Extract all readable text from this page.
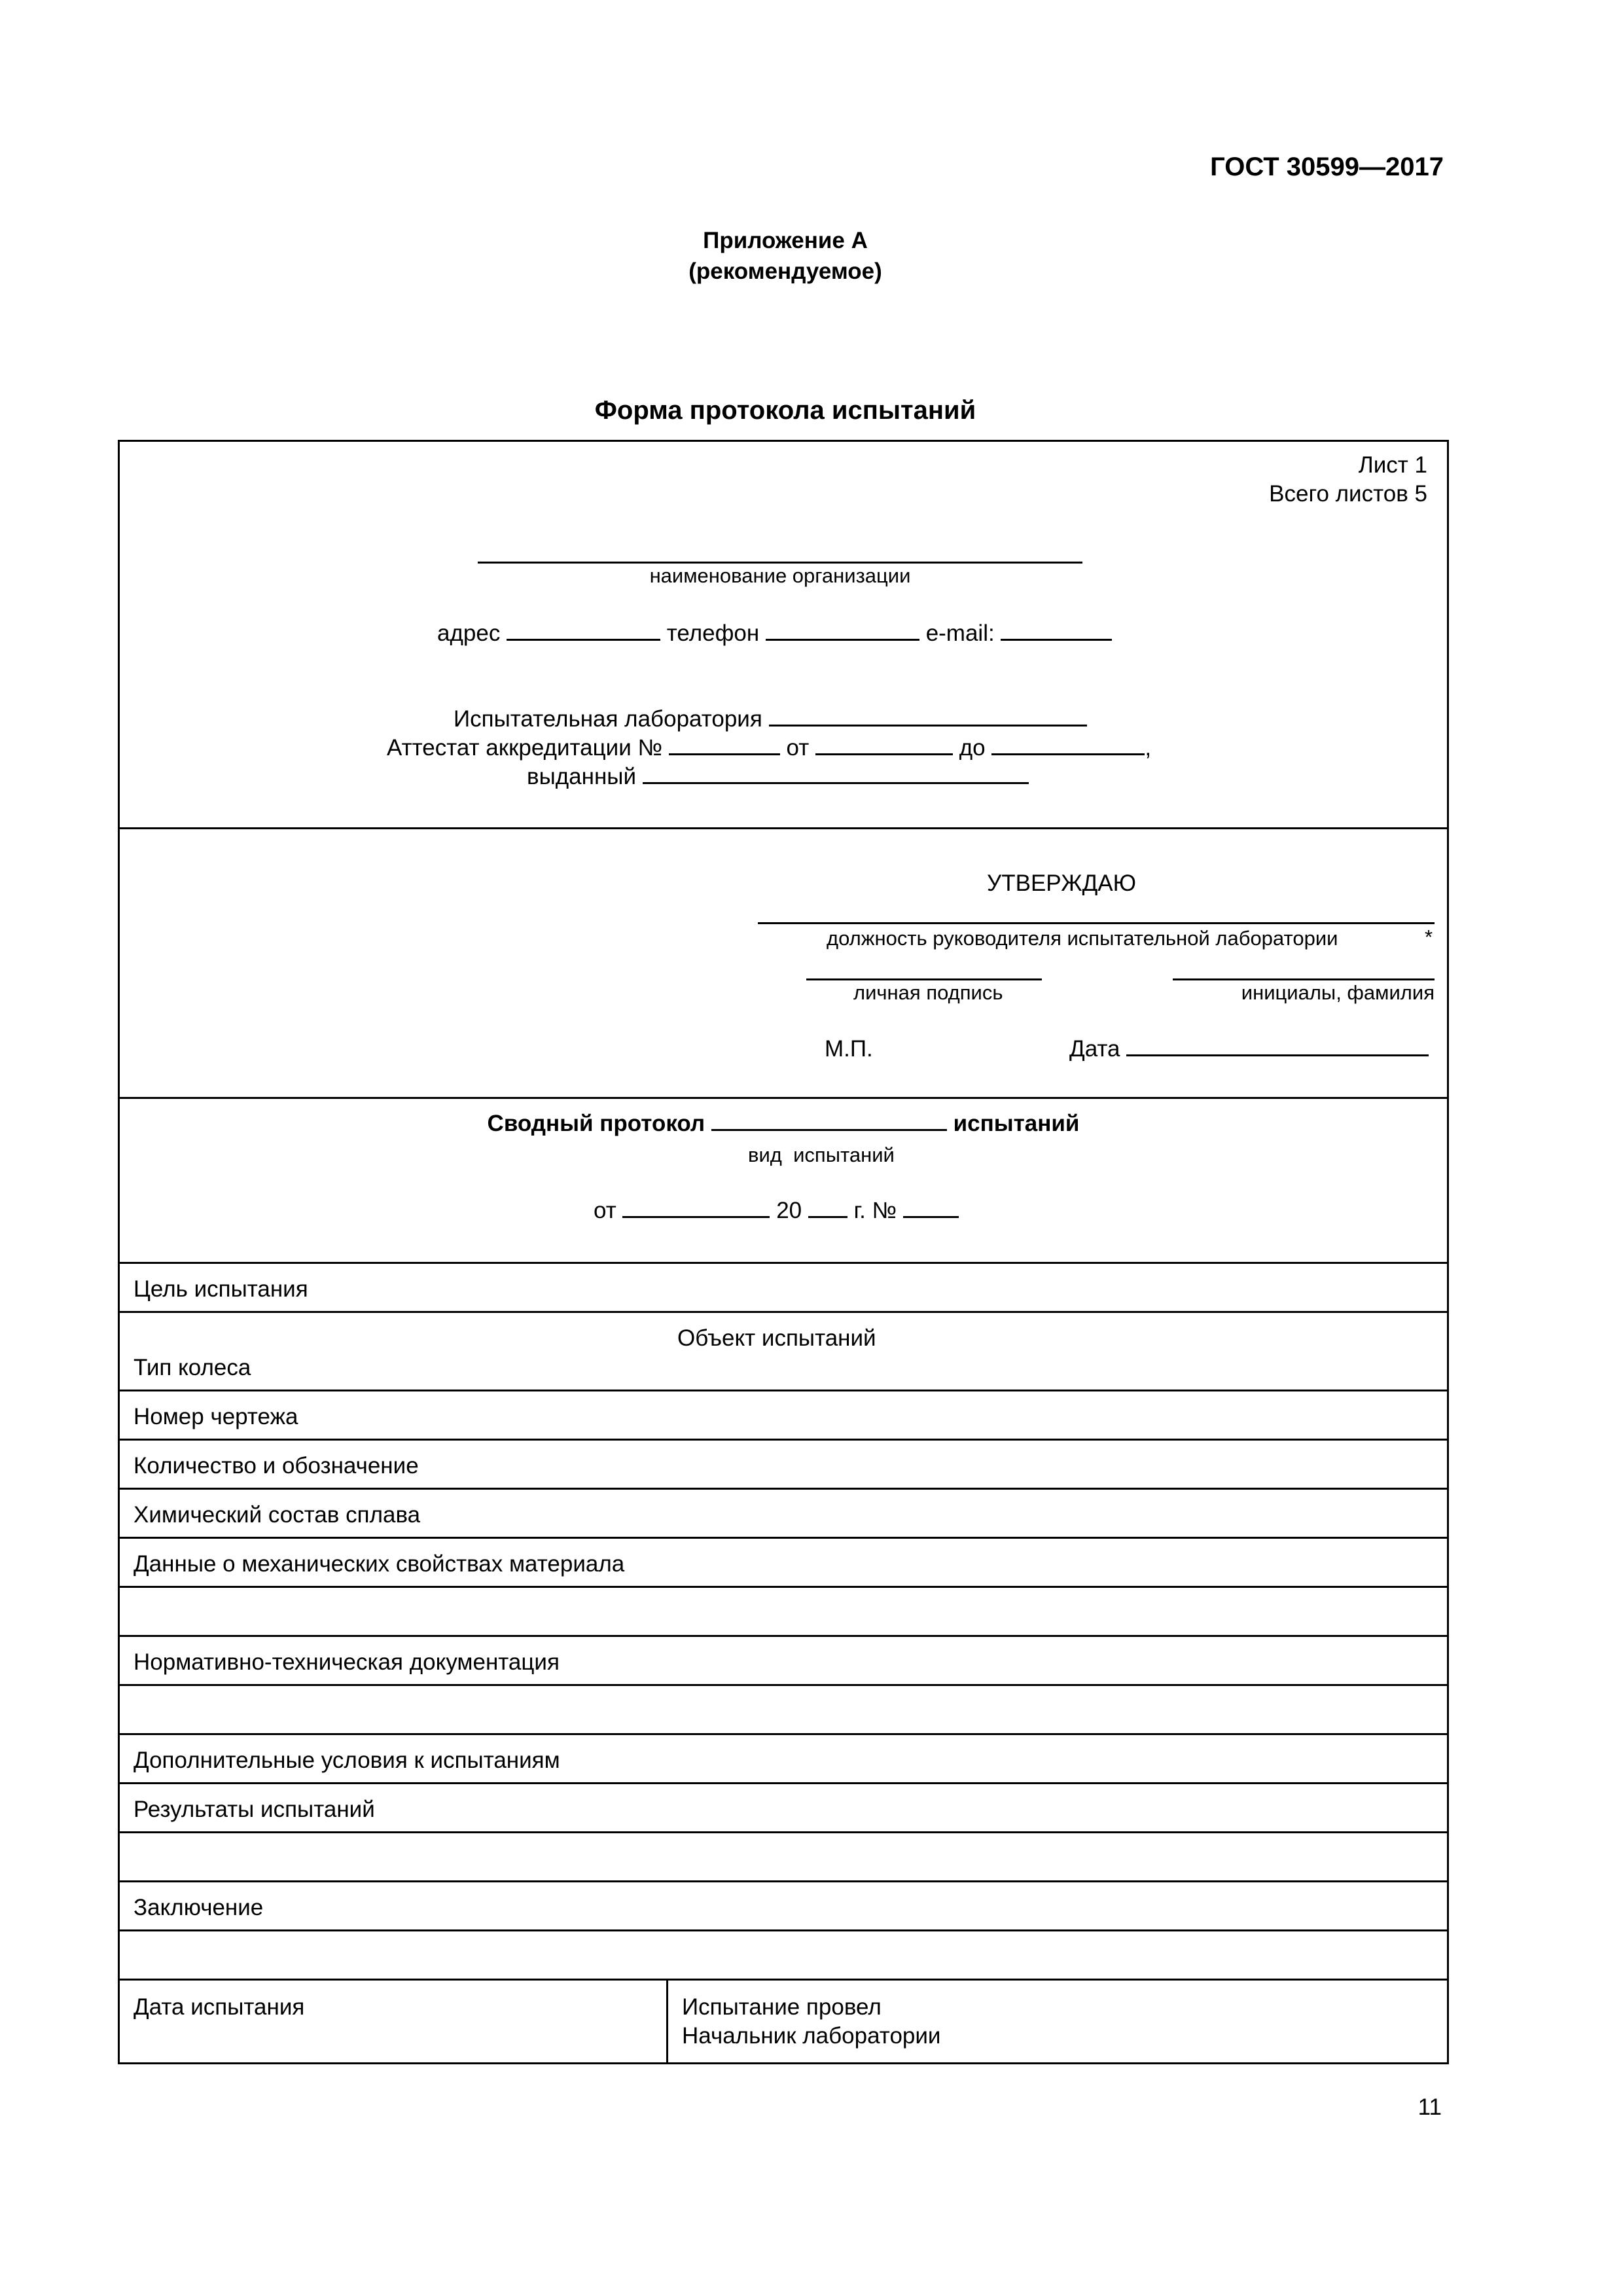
ГОСТ 30599—2017
Приложение А
(рекомендуемое)
Форма протокола испытаний
Лист 1
Всего листов 5
наименование организации
адрес	телефон	e-mail:
Испытательная лаборатория
Аттестат аккредитации №	от	до	,
выданный
УТВЕРЖДАЮ
должность руководителя испытательной лаборатории	*
личная подпись	инициалы, фамилия
М.П.	Дата
Сводный протокол	испытаний
вид  испытаний
от	20 г. №
Цель испытания
Объект испытаний
Тип колеса
Номер чертежа
Количество и обозначение
Химический состав сплава
Данные о механических свойствах материала
Нормативно-техническая документация
Дополнительные условия к испытаниям
Результаты испытаний
Заключение
Дата испытания	Испытание провел
Начальник лаборатории
11
